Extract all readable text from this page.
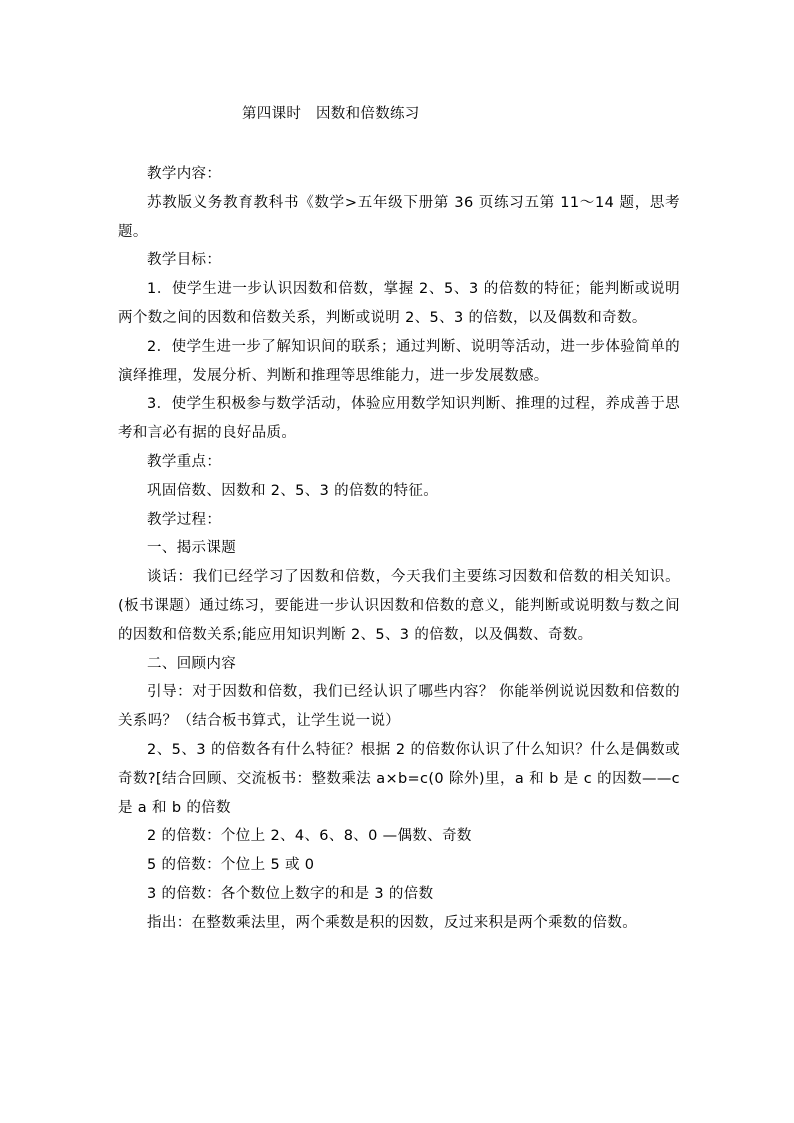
第四课时　因数和倍数练习

教学内容：

苏教版义务教育教科书《数学>五年级下册第 36 页练习五第 11～14 题，思考题。

教学目标：

1．使学生进一步认识因数和倍数，掌握 2、5、3 的倍数的特征；能判断或说明两个数之间的因数和倍数关系，判断或说明 2、5、3 的倍数，以及偶数和奇数。

2．使学生进一步了解知识间的联系；通过判断、说明等活动，进一步体验简单的演绎推理，发展分析、判断和推理等思维能力，进一步发展数感。

3．使学生积极参与数学活动，体验应用数学知识判断、推理的过程，养成善于思考和言必有据的良好品质。

教学重点：

巩固倍数、因数和 2、5、3 的倍数的特征。

教学过程：

一、揭示课题

谈话：我们已经学习了因数和倍数，今天我们主要练习因数和倍数的相关知识。(板书课题）通过练习，要能进一步认识因数和倍数的意义，能判断或说明数与数之间的因数和倍数关系;能应用知识判断 2、5、3 的倍数，以及偶数、奇数。

二、回顾内容

引导：对于因数和倍数，我们已经认识了哪些内容？ 你能举例说说因数和倍数的关系吗？（结合板书算式，让学生说一说）

2、5、3 的倍数各有什么特征？根据 2 的倍数你认识了什么知识？什么是偶数或奇数?[结合回顾、交流板书：整数乘法 a×b=c(0 除外)里，a 和 b 是 c 的因数——c 是 a 和 b 的倍数

2 的倍数：个位上 2、4、6、8、0 —偶数、奇数

5 的倍数：个位上 5 或 0

3 的倍数：各个数位上数字的和是 3 的倍数

指出：在整数乘法里，两个乘数是积的因数，反过来积是两个乘数的倍数。
